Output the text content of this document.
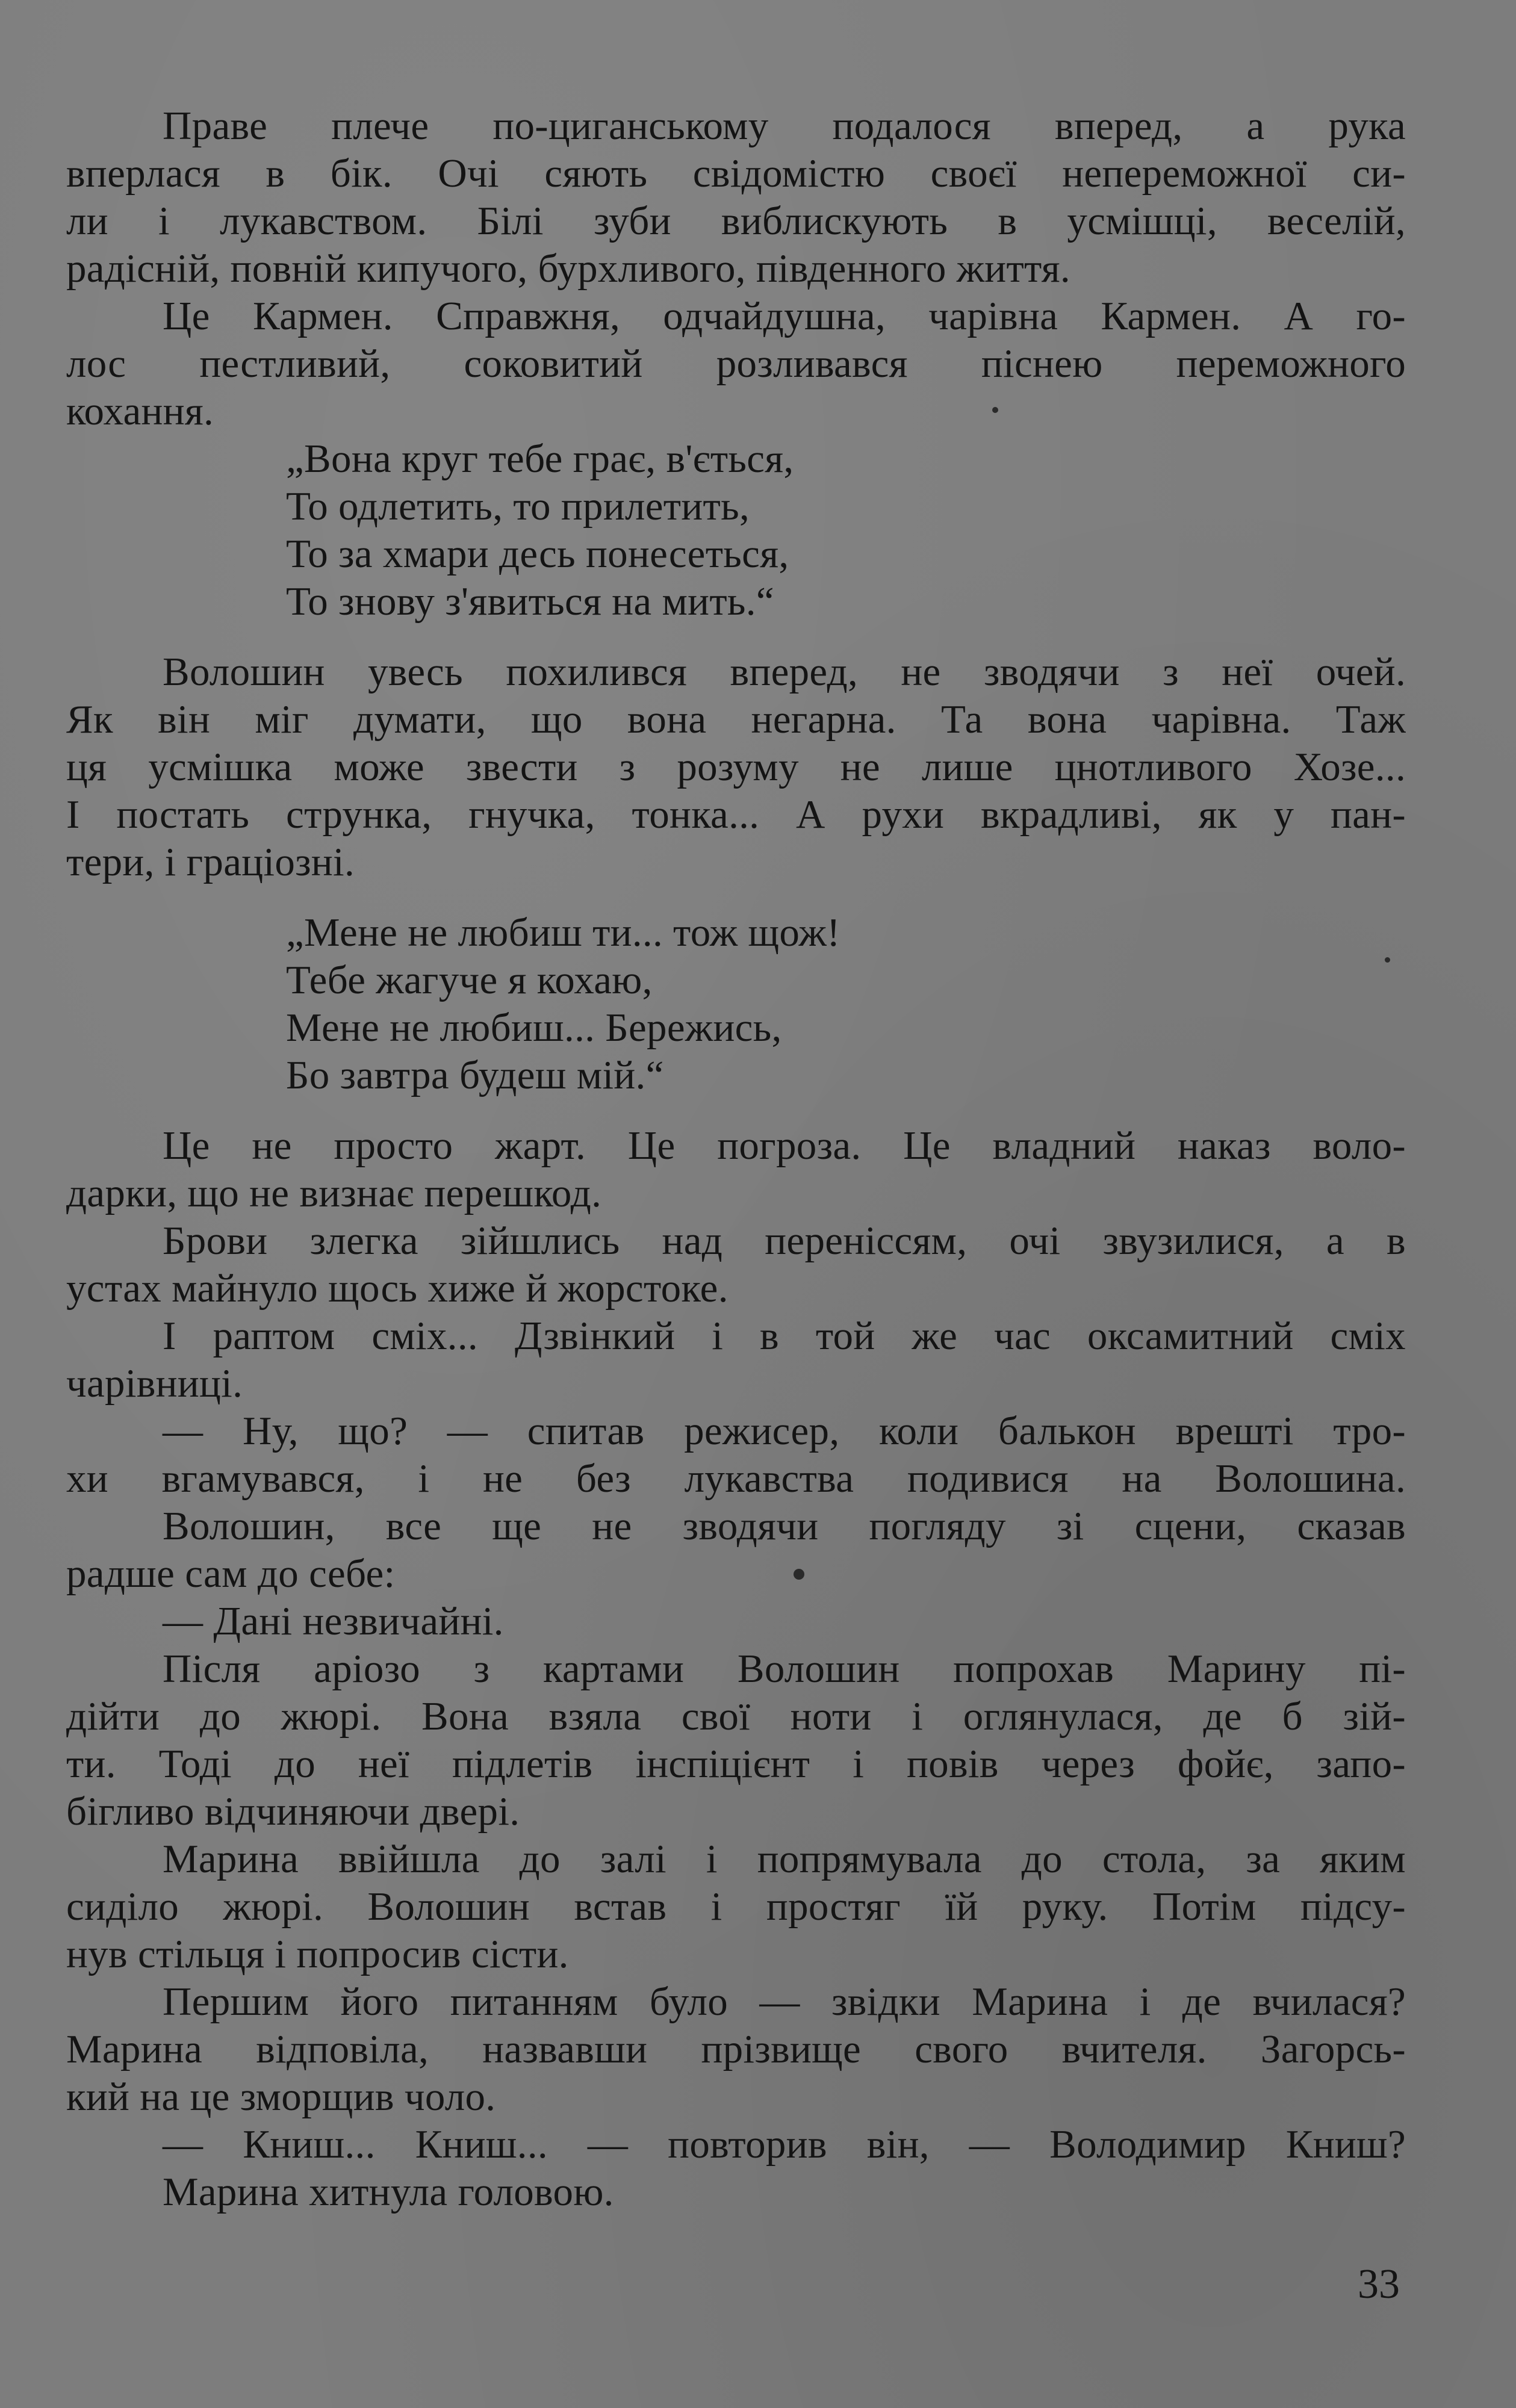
Праве плече по-циганському подалося вперед, а рука
вперлася в бік. Очі сяють свідомістю своєї непереможної си-
ли і лукавством. Білі зуби виблискують в усмішці, веселій,
радісній, повній кипучого, бурхливого, південного життя.
Це Кармен. Справжня, одчайдушна, чарівна Кармен. А го-
лос пестливий, соковитий розливався піснею переможного
кохання.
„Вона круг тебе грає, в'ється,
То одлетить, то прилетить,
То за хмари десь понесеться,
То знову з'явиться на мить.“
Волошин увесь похилився вперед, не зводячи з неї очей.
Як він міг думати, що вона негарна. Та вона чарівна. Таж
ця усмішка може звести з розуму не лише цнотливого Хозе...
І постать струнка, гнучка, тонка... А рухи вкрадливі, як у пан-
тери, і граціозні.
„Мене не любиш ти... тож щож!
Тебе жагуче я кохаю,
Мене не любиш... Бережись,
Бо завтра будеш мій.“
Це не просто жарт. Це погроза. Це владний наказ воло-
дарки, що не визнає перешкод.
Брови злегка зійшлись над переніссям, очі звузилися, а в
устах майнуло щось хиже й жорстоке.
І раптом сміх... Дзвінкий і в той же час оксамитний сміх
чарівниці.
— Ну, що? — спитав режисер, коли балькон врешті тро-
хи вгамувався, і не без лукавства подивися на Волошина.
Волошин, все ще не зводячи погляду зі сцени, сказав
радше сам до себе:
— Дані незвичайні.
Після аріозо з картами Волошин попрохав Марину пі-
дійти до жюрі. Вона взяла свої ноти і оглянулася, де б зій-
ти. Тоді до неї підлетів інспіцієнт і повів через фойє, запо-
бігливо відчиняючи двері.
Марина ввійшла до залі і попрямувала до стола, за яким
сиділо жюрі. Волошин встав і простяг їй руку. Потім підсу-
нув стільця і попросив сісти.
Першим його питанням було — звідки Марина і де вчилася?
Марина відповіла, назвавши прізвище свого вчителя. Загорсь-
кий на це зморщив чоло.
— Книш... Книш... — повторив він, — Володимир Книш?
Марина хитнула головою.
33
